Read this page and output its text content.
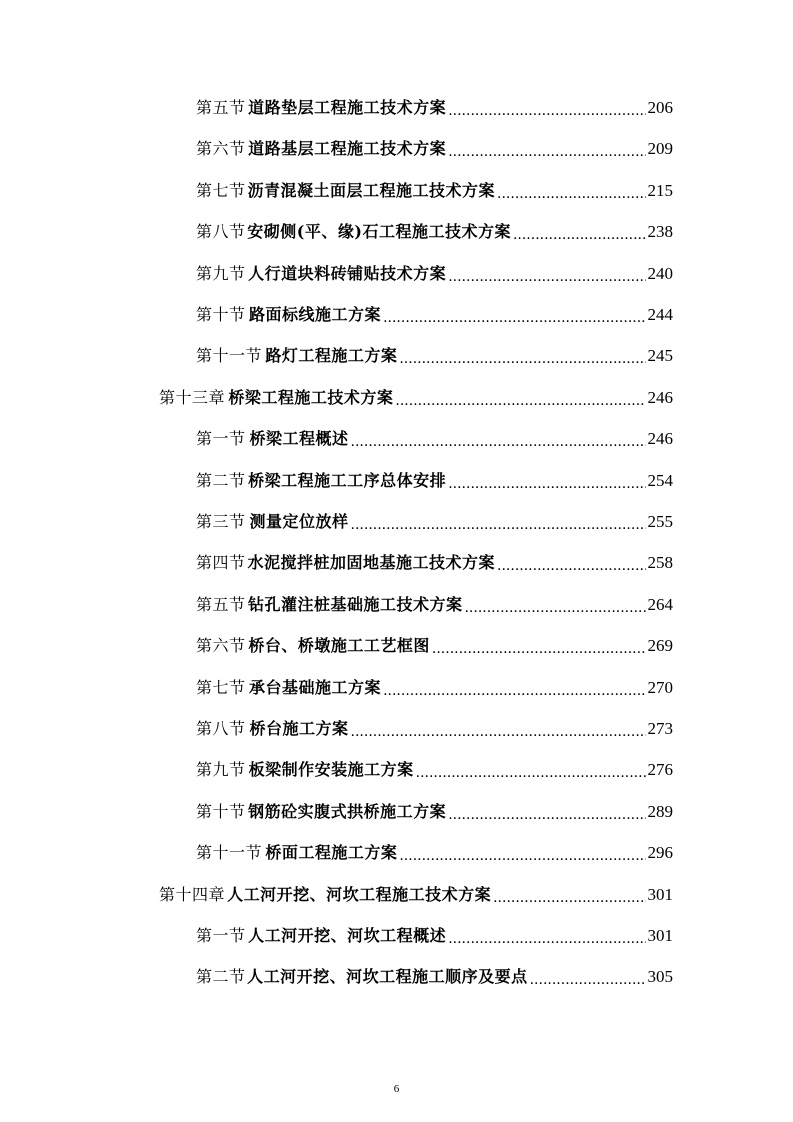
第五节 道路垫层工程施工技术方案 .....	206
第六节 道路基层工程施工技术方案 .....	209
第七节 沥青混凝土面层工程施工技术方案 .....	215
第八节 安砌侧(平、缘)石工程施工技术方案 .....	238
第九节 人行道块料砖铺贴技术方案 .....	240
第十节 路面标线施工方案 .....	244
第十一节 路灯工程施工方案 .....	245
第十三章 桥梁工程施工技术方案 .....	246
第一节 桥梁工程概述 .....	246
第二节 桥梁工程施工工序总体安排 .....	254
第三节 测量定位放样 .....	255
第四节 水泥搅拌桩加固地基施工技术方案 .....	258
第五节 钻孔灌注桩基础施工技术方案 .....	264
第六节 桥台、桥墩施工工艺框图 .....	269
第七节 承台基础施工方案 .....	270
第八节 桥台施工方案 .....	273
第九节 板梁制作安装施工方案 .....	276
第十节 钢筋砼实腹式拱桥施工方案 .....	289
第十一节 桥面工程施工方案 .....	296
第十四章 人工河开挖、河坎工程施工技术方案 .....	301
第一节 人工河开挖、河坎工程概述 .....	301
第二节 人工河开挖、河坎工程施工顺序及要点 .....	305
6
